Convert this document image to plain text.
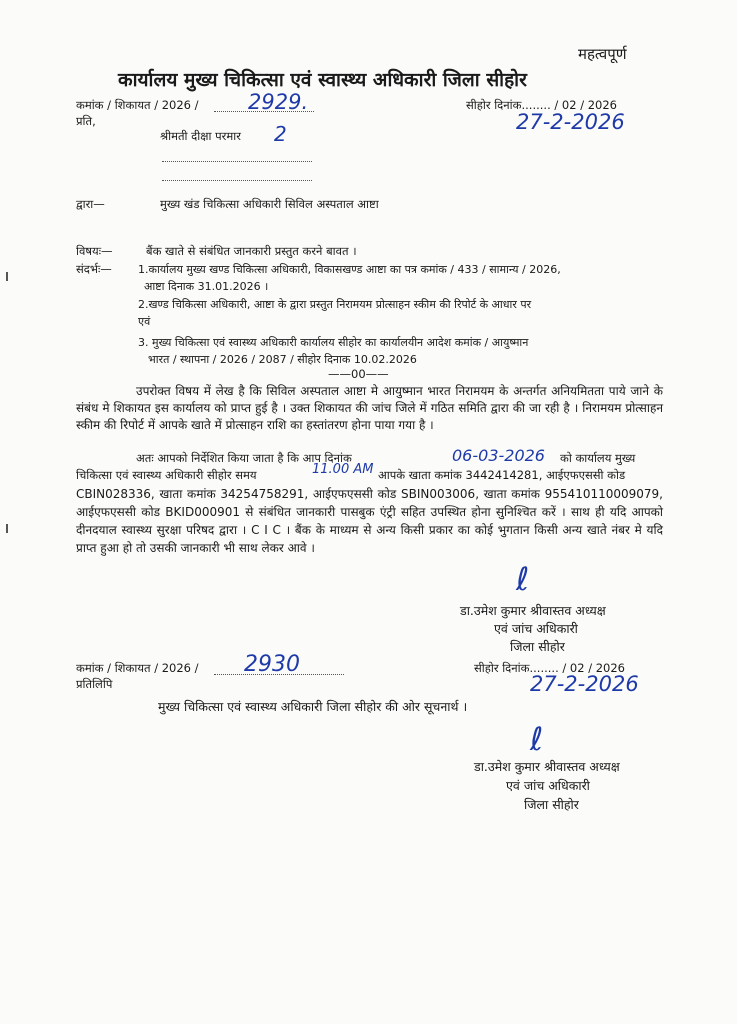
महत्वपूर्ण
कार्यालय मुख्य चिकित्सा एवं स्वास्थ्य अधिकारी जिला सीहोर
कमांक / शिकायत / 2026 / 2929.	सीहोर दिनांक........ / 02 / 2026
प्रति,	27-2-2026
श्रीमती दीक्षा परमार 2
द्वारा—	मुख्य खंड चिकित्सा अधिकारी सिविल अस्पताल आष्टा
विषयः—	बैंक खाते से संबंधित जानकारी प्रस्तुत करने बावत ।
संदर्भः— 1.कार्यालय मुख्य खण्ड चिकित्सा अधिकारी, विकासखण्ड आष्टा का पत्र कमांक / 433 / सामान्य / 2026,
आष्टा दिनाक 31.01.2026 ।
2.खण्ड चिकित्सा अधिकारी, आष्टा के द्वारा प्रस्तुत निरामयम प्रोत्साहन स्कीम की रिपोर्ट के आधार पर
एवं
3. मुख्य चिकित्सा एवं स्वास्थ्य अधिकारी कार्यालय सीहोर का कार्यालयीन आदेश कमांक / आयुष्मान
भारत / स्थापना / 2026 / 2087 / सीहोर दिनाक 10.02.2026
——00——
उपरोक्त विषय में लेख है कि सिविल अस्पताल आष्टा मे आयुष्मान भारत निरामयम के अन्तर्गत अनियमितता पाये जाने के संबंध मे शिकायत इस कार्यालय को प्राप्त हुई है । उक्त शिकायत की जांच जिले में गठित समिति द्वारा की जा रही है । निरामयम प्रोत्साहन स्कीम की रिपोर्ट में आपके खाते में प्रोत्साहन राशि का हस्तांतरण होना पाया गया है ।
अतः आपको निर्देशित किया जाता है कि आप दिनांक	06-03-2026 को कार्यालय मुख्य
चिकित्सा एवं स्वास्थ्य अधिकारी सीहोर समय	11.00 AM आपके खाता कमांक 3442414281, आईएफएससी कोड
CBIN028336, खाता कमांक 34254758291, आईएफएससी कोड SBIN003006, खाता कमांक 955410110009079, आईएफएससी कोड BKID000901 से संबंधित जानकारी पासबुक एंट्री सहित उपस्थित होना सुनिश्चित करें । साथ ही यदि आपको दीनदयाल स्वास्थ्य सुरक्षा परिषद द्वारा । C I C । बैंक के माध्यम से अन्य किसी प्रकार का कोई भुगतान किसी अन्य खाते नंबर मे यदि प्राप्त हुआ हो तो उसकी जानकारी भी साथ लेकर आवे ।
ℓ
डा.उमेश कुमार श्रीवास्तव अध्यक्ष
एवं जांच अधिकारी
जिला सीहोर
कमांक / शिकायत / 2026 / 2930	सीहोर दिनांक........ / 02 / 2026
प्रतिलिपि	27-2-2026
मुख्य चिकित्सा एवं स्वास्थ्य अधिकारी जिला सीहोर की ओर सूचनार्थ ।
ℓ
डा.उमेश कुमार श्रीवास्तव अध्यक्ष
एवं जांच अधिकारी
जिला सीहोर
